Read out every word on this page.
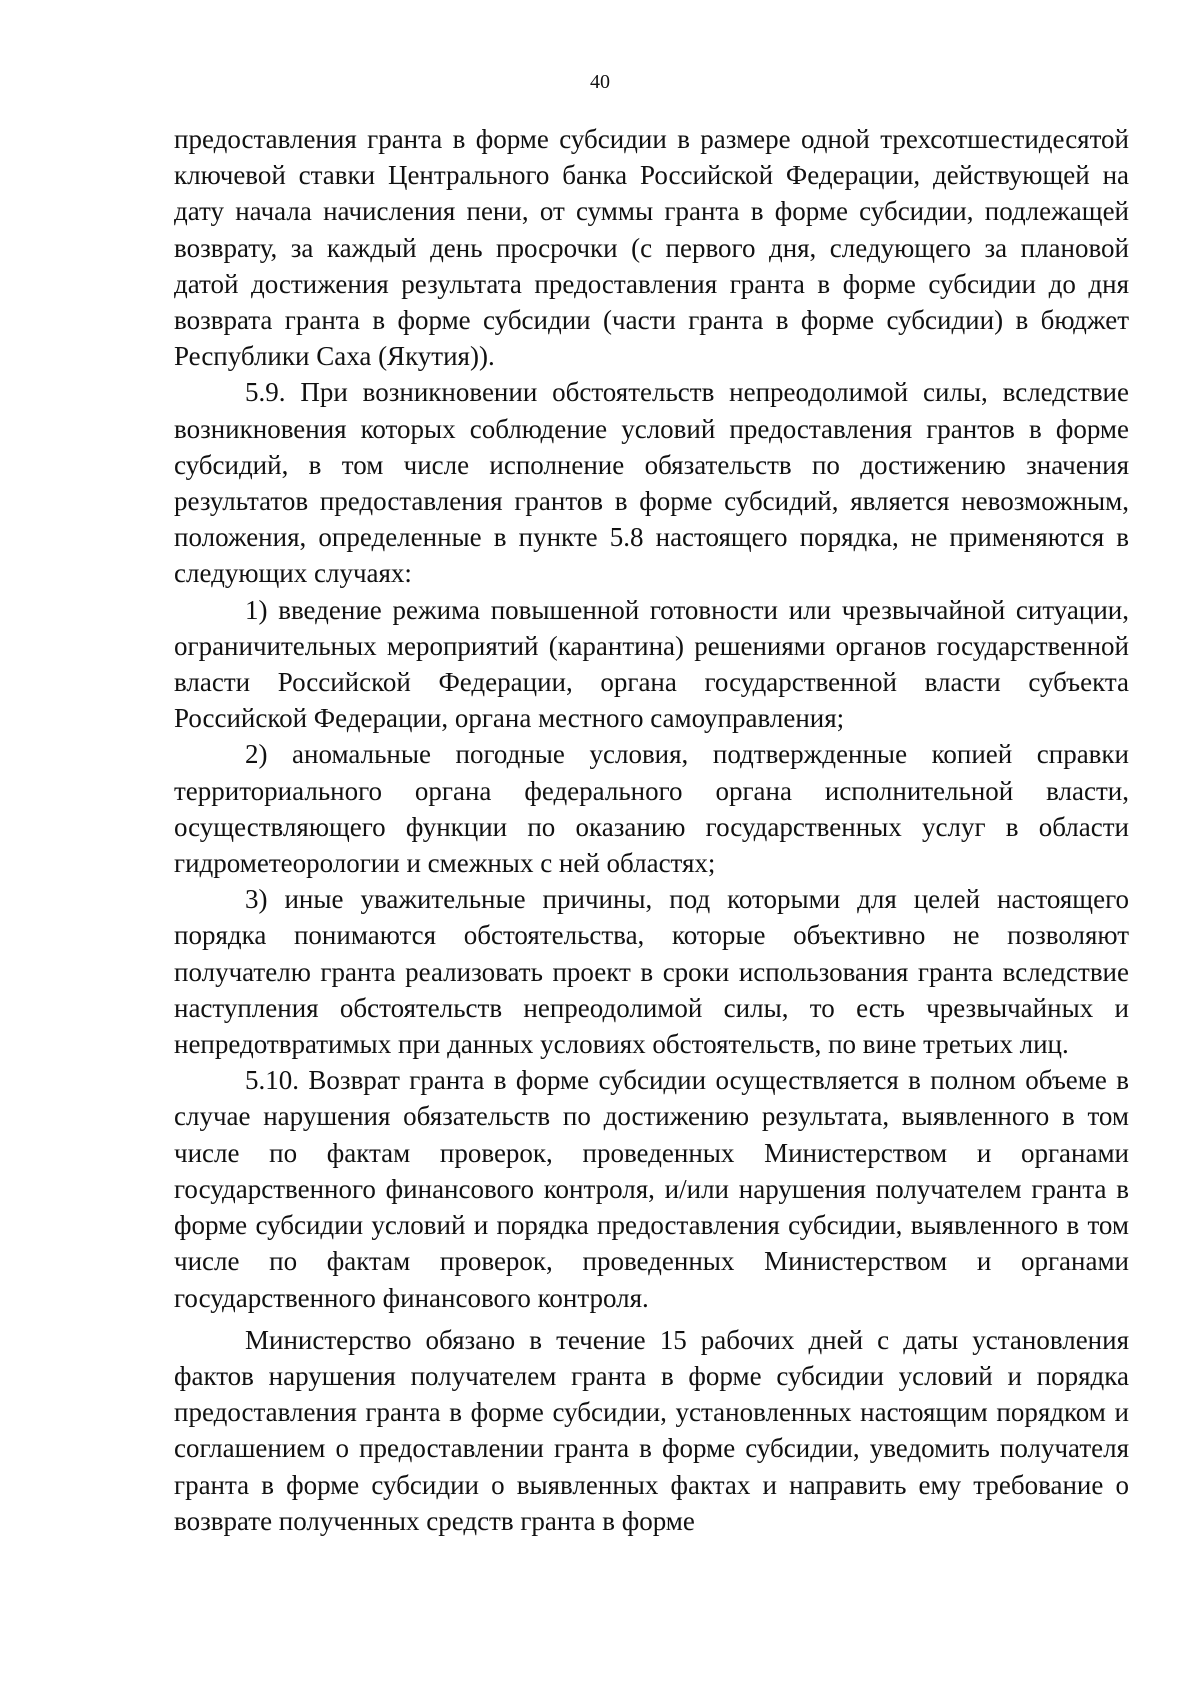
40

предоставления гранта в форме субсидии в размере одной трехсотшестидесятой ключевой ставки Центрального банка Российской Федерации, действующей на дату начала начисления пени, от суммы гранта в форме субсидии, подлежащей возврату, за каждый день просрочки (с первого дня, следующего за плановой датой достижения результата предоставления гранта в форме субсидии до дня возврата гранта в форме субсидии (части гранта в форме субсидии) в бюджет Республики Саха (Якутия)).

5.9. При возникновении обстоятельств непреодолимой силы, вследствие возникновения которых соблюдение условий предоставления грантов в форме субсидий, в том числе исполнение обязательств по достижению значения результатов предоставления грантов в форме субсидий, является невозможным, положения, определенные в пункте 5.8 настоящего порядка, не применяются в следующих случаях:

1) введение режима повышенной готовности или чрезвычайной ситуации, ограничительных мероприятий (карантина) решениями органов государственной власти Российской Федерации, органа государственной власти субъекта Российской Федерации, органа местного самоуправления;

2) аномальные погодные условия, подтвержденные копией справки территориального органа федерального органа исполнительной власти, осуществляющего функции по оказанию государственных услуг в области гидрометеорологии и смежных с ней областях;

3) иные уважительные причины, под которыми для целей настоящего порядка понимаются обстоятельства, которые объективно не позволяют получателю гранта реализовать проект в сроки использования гранта вследствие наступления обстоятельств непреодолимой силы, то есть чрезвычайных и непредотвратимых при данных условиях обстоятельств, по вине третьих лиц.

5.10. Возврат гранта в форме субсидии осуществляется в полном объеме в случае нарушения обязательств по достижению результата, выявленного в том числе по фактам проверок, проведенных Министерством и органами государственного финансового контроля, и/или нарушения получателем гранта в форме субсидии условий и порядка предоставления субсидии, выявленного в том числе по фактам проверок, проведенных Министерством и органами государственного финансового контроля.

Министерство обязано в течение 15 рабочих дней с даты установления фактов нарушения получателем гранта в форме субсидии условий и порядка предоставления гранта в форме субсидии, установленных настоящим порядком и соглашением о предоставлении гранта в форме субсидии, уведомить получателя гранта в форме субсидии о выявленных фактах и направить ему требование о возврате полученных средств гранта в форме
